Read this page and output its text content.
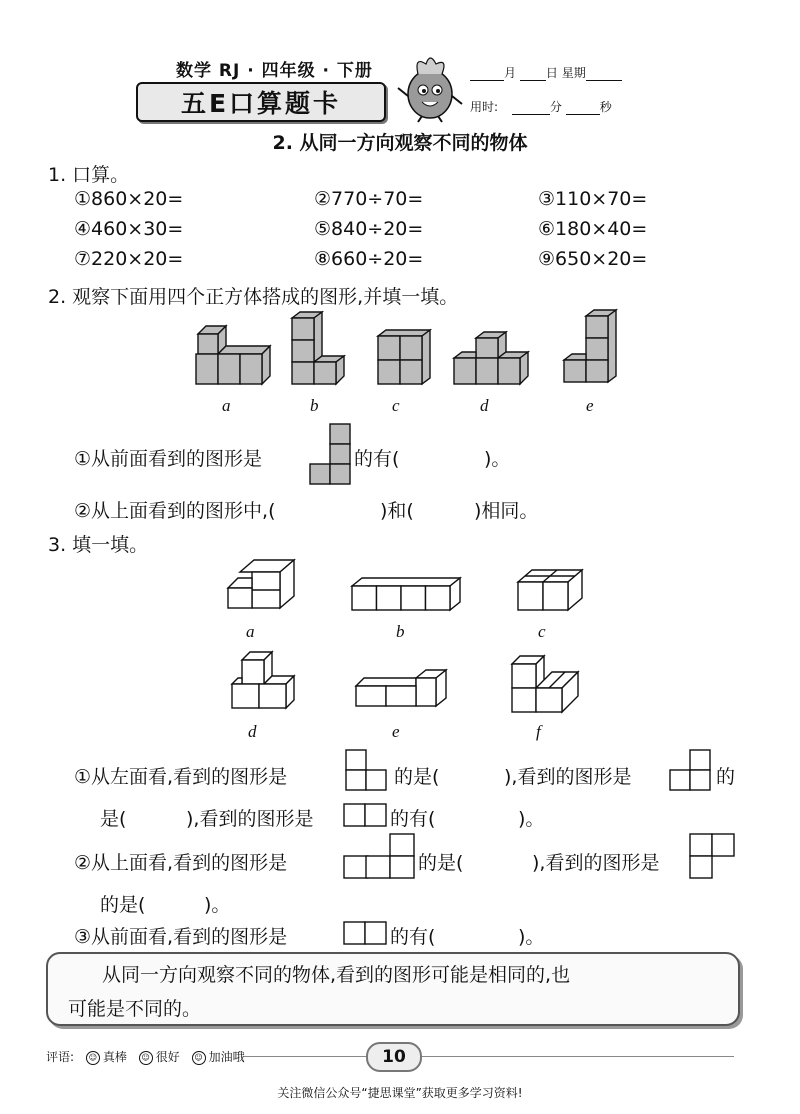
数学 RJ · 四年级 · 下册
五E口算题卡
月 日 星期
用时:	分	秒
2. 从同一方向观察不同的物体
1. 口算。
①860×20=	②770÷70=	③110×70=
④460×30=	⑤840÷20=	⑥180×40=
⑦220×20=	⑧660÷20=	⑨650×20=
2. 观察下面用四个正方体搭成的图形,并填一填。
a	b	c	d	e
①从前面看到的图形是	的有(	)。
②从上面看到的图形中,(	)和(	)相同。
3. 填一填。
a	b	c
d	e	f
①从左面看,看到的图形是	的是(	),看到的图形是	的
是(	),看到的图形是	的有(	)。
②从上面看,看到的图形是	的是(	),看到的图形是
的是(	)。
③从前面看,看到的图形是	的有(	)。
从同一方向观察不同的物体,看到的图形可能是相同的,也
可能是不同的。
评语: ☺ 真棒 ☺ 很好 ☺ 加油哦	10
关注微信公众号“捷思课堂”获取更多学习资料!
